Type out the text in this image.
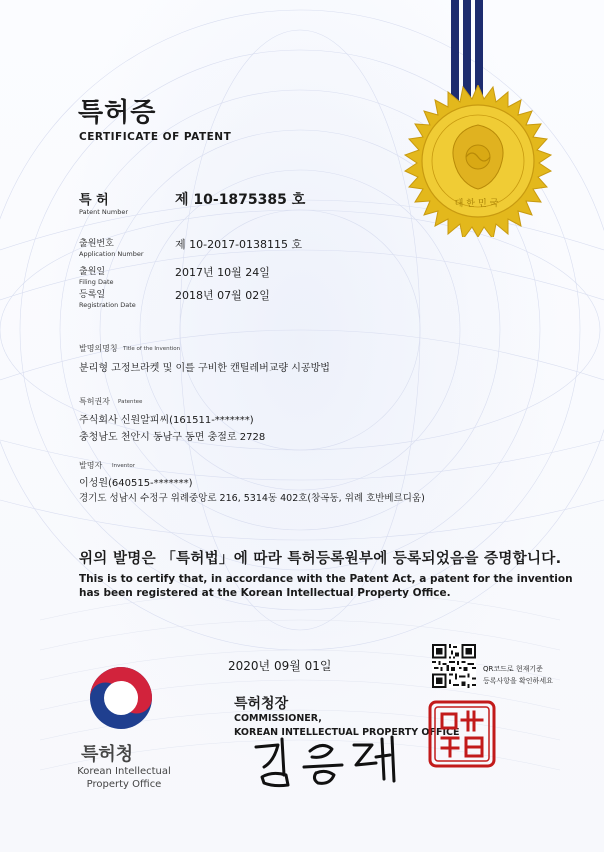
대한민국
특허증
CERTIFICATE OF PATENT
특 허
Patent Number
제 10-1875385 호
출원번호
Application Number
제 10-2017-0138115 호
출원일
Filing Date
2017년 10월 24일
등록일
Registration Date
2018년 07월 02일
발명의명칭 Title of the Invention
분리형 고정브라켓 및 이를 구비한 캔틸레버교량 시공방법
특허권자 Patentee
주식회사 신원알피씨(161511-*******)
충청남도 천안시 동남구 동면 충절로 2728
발명자 Inventor
이성원(640515-*******)
경기도 성남시 수정구 위례중앙로 216, 5314동 402호(창곡동, 위례 호반베르디움)
위의 발명은 「특허법」에 따라 특허등록원부에 등록되었음을 증명합니다.
This is to certify that, in accordance with the Patent Act, a patent for the invention
has been registered at the Korean Intellectual Property Office.
2020년 09월 01일
특허청
Korean Intellectual
Property Office
QR코드로 현재기준
등록사항을 확인하세요
특허청장
COMMISSIONER,
KOREAN INTELLECTUAL PROPERTY OFFICE
